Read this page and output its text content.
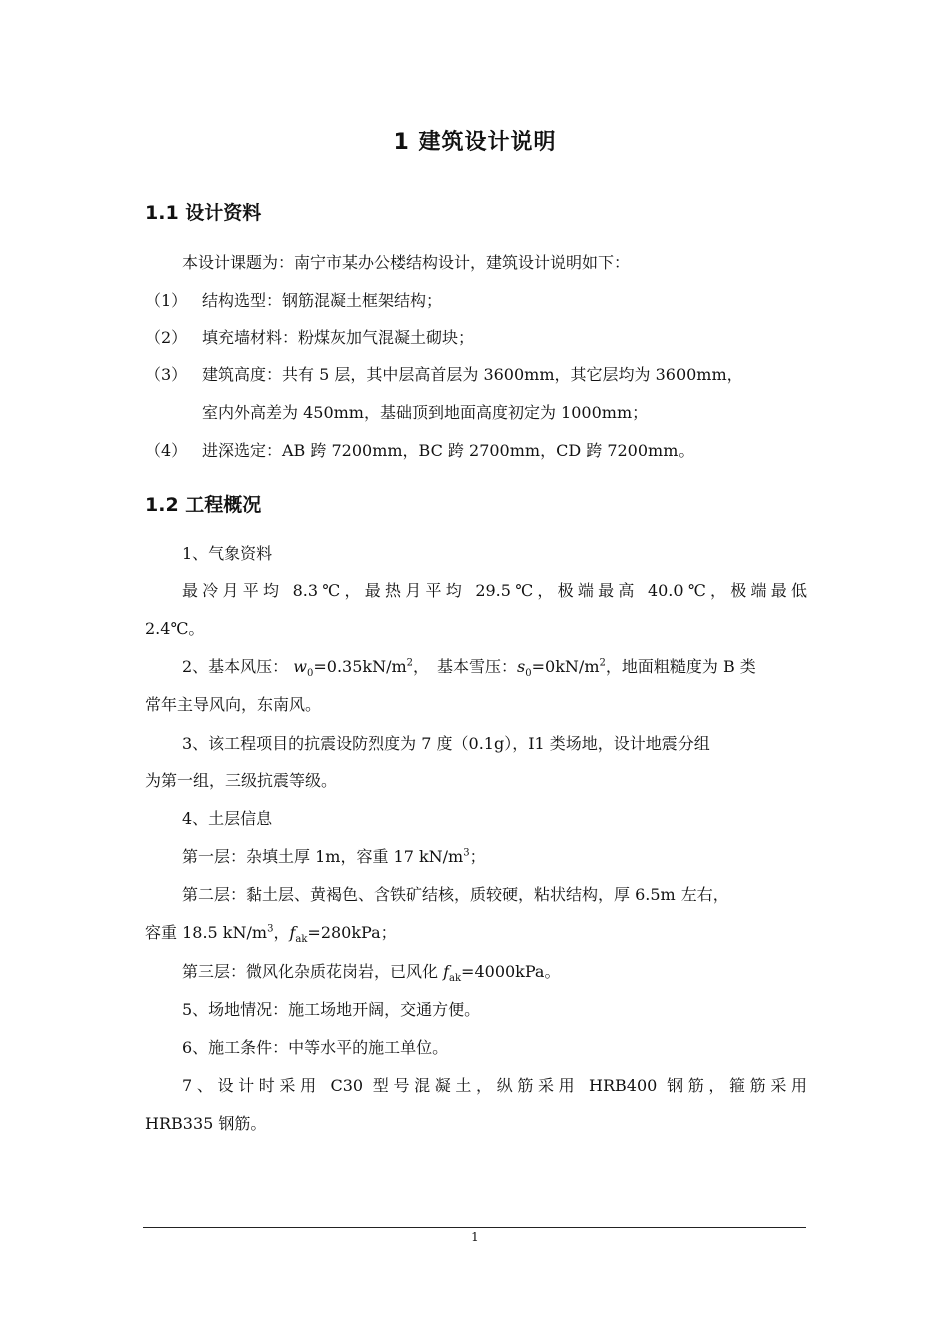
1 建筑设计说明
1.1 设计资料
本设计课题为：南宁市某办公楼结构设计，建筑设计说明如下：
（1） 结构选型：钢筋混凝土框架结构；
（2） 填充墙材料：粉煤灰加气混凝土砌块；
（3） 建筑高度：共有 5 层，其中层高首层为 3600mm，其它层均为 3600mm，
室内外高差为 450mm，基础顶到地面高度初定为 1000mm；
（4） 进深选定：AB 跨 7200mm，BC 跨 2700mm，CD 跨 7200mm。
1.2 工程概况
1、气象资料
最冷月平均 8.3℃，最热月平均 29.5℃，极端最高 40.0℃，极端最低
2.4℃。
2、基本风压： $w_0=0.35kN/m^2$，　基本雪压：$s_0=0kN/m^2$，地面粗糙度为 B 类
常年主导风向，东南风。
3、该工程项目的抗震设防烈度为 7 度（0.1g），I1 类场地，设计地震分组
为第一组，三级抗震等级。
4、土层信息
第一层：杂填土厚 1m，容重 17 $kN/m^3$；
第二层：黏土层、黄褐色、含铁矿结核，质较硬，粘状结构，厚 6.5m 左右，
容重 18.5 $kN/m^3$，$f_{ak}=280kPa$；
第三层：微风化杂质花岗岩，已风化 $f_{ak}=4000kPa$。
5、场地情况：施工场地开阔，交通方便。
6、施工条件：中等水平的施工单位。
7、设计时采用 C30 型号混凝土，纵筋采用 HRB400 钢筋，箍筋采用
HRB335 钢筋。
1
